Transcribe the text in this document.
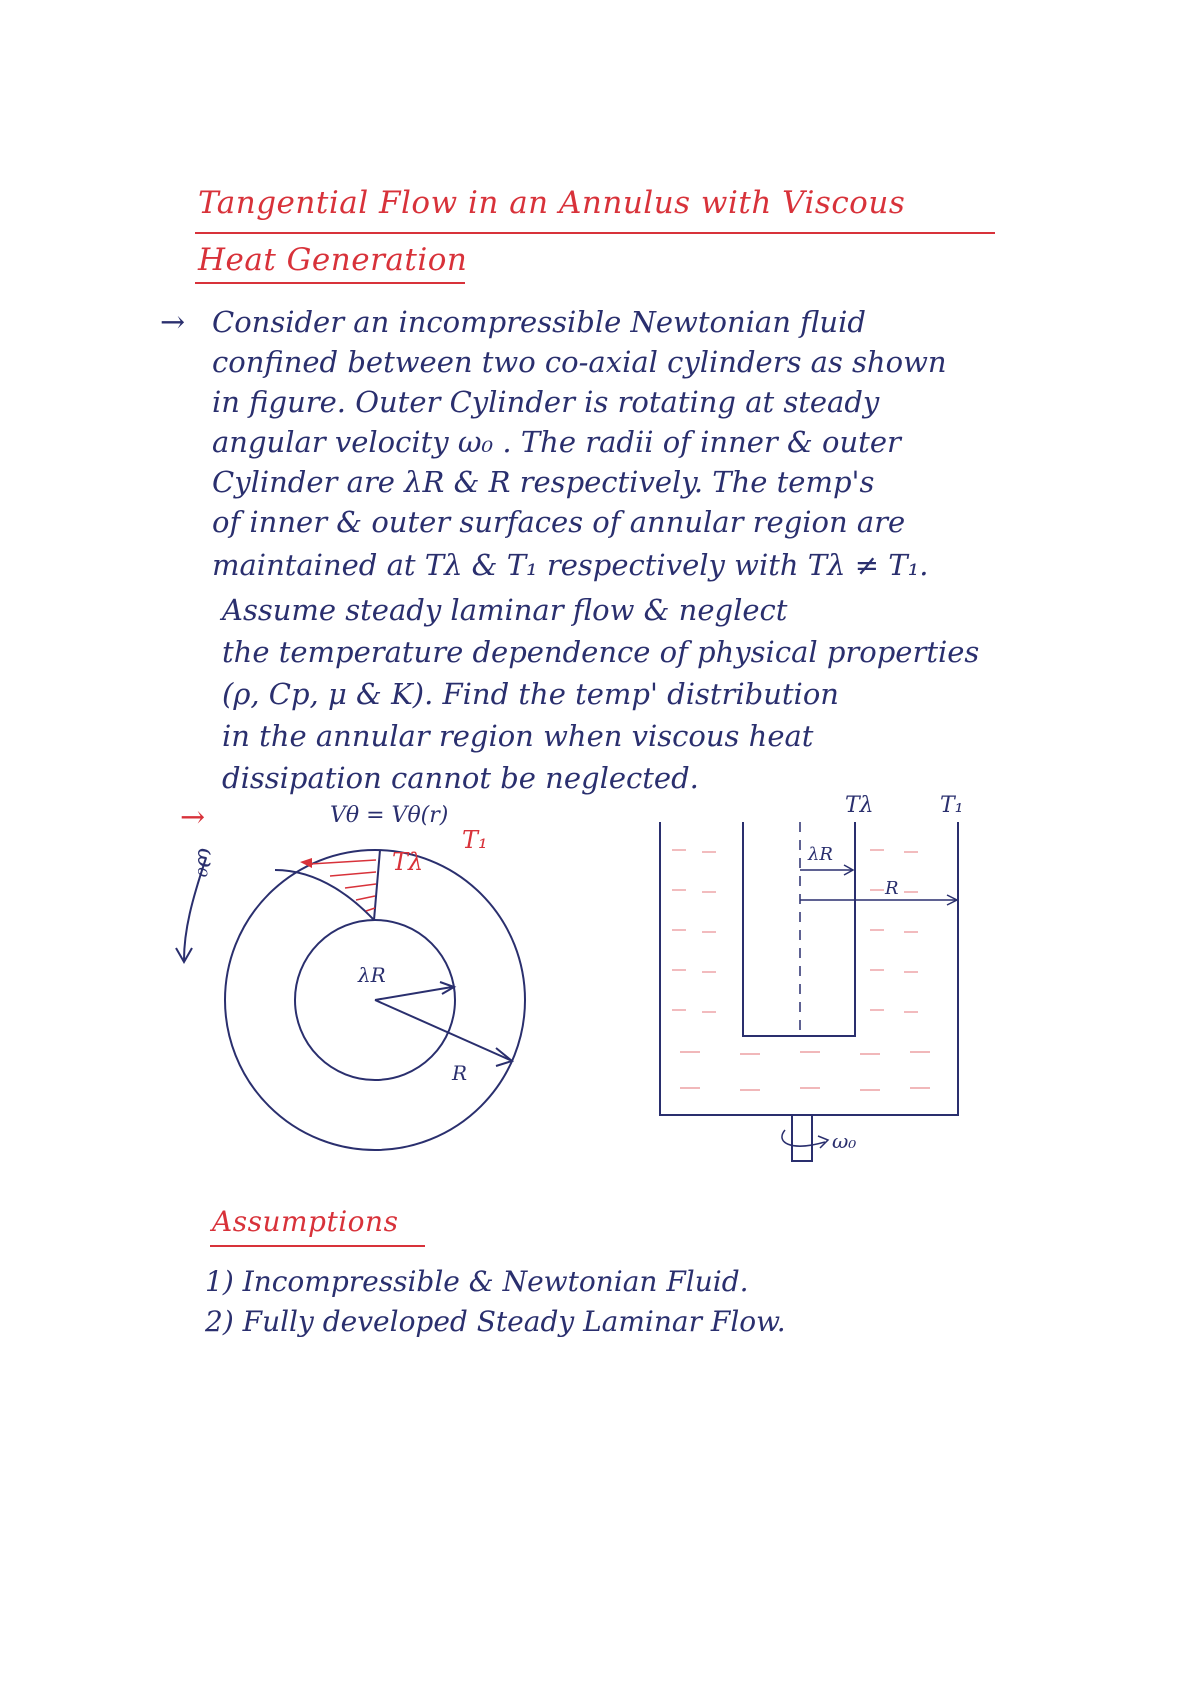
Tangential Flow in an Annulus with Viscous
Heat Generation
→ Consider an incompressible Newtonian fluid
confined between two co-axial cylinders as shown
in figure. Outer Cylinder is rotating at steady
angular velocity ω₀ . The radii of inner & outer
Cylinder are λR & R respectively. The temp's
of inner & outer surfaces of annular region are
maintained at Tλ & T₁ respectively with Tλ ≠ T₁.
Assume steady laminar flow & neglect
the temperature dependence of physical properties
(ρ, Cp, μ & K). Find the temp' distribution
in the annular region when viscous heat
dissipation cannot be neglected.
→	Vθ = Vθ(r)
ω₀
T₁
Tλ
λR
R
Tλ	T₁
λR
R
ω₀
Assumptions
1) Incompressible & Newtonian Fluid.
2) Fully developed Steady Laminar Flow.
